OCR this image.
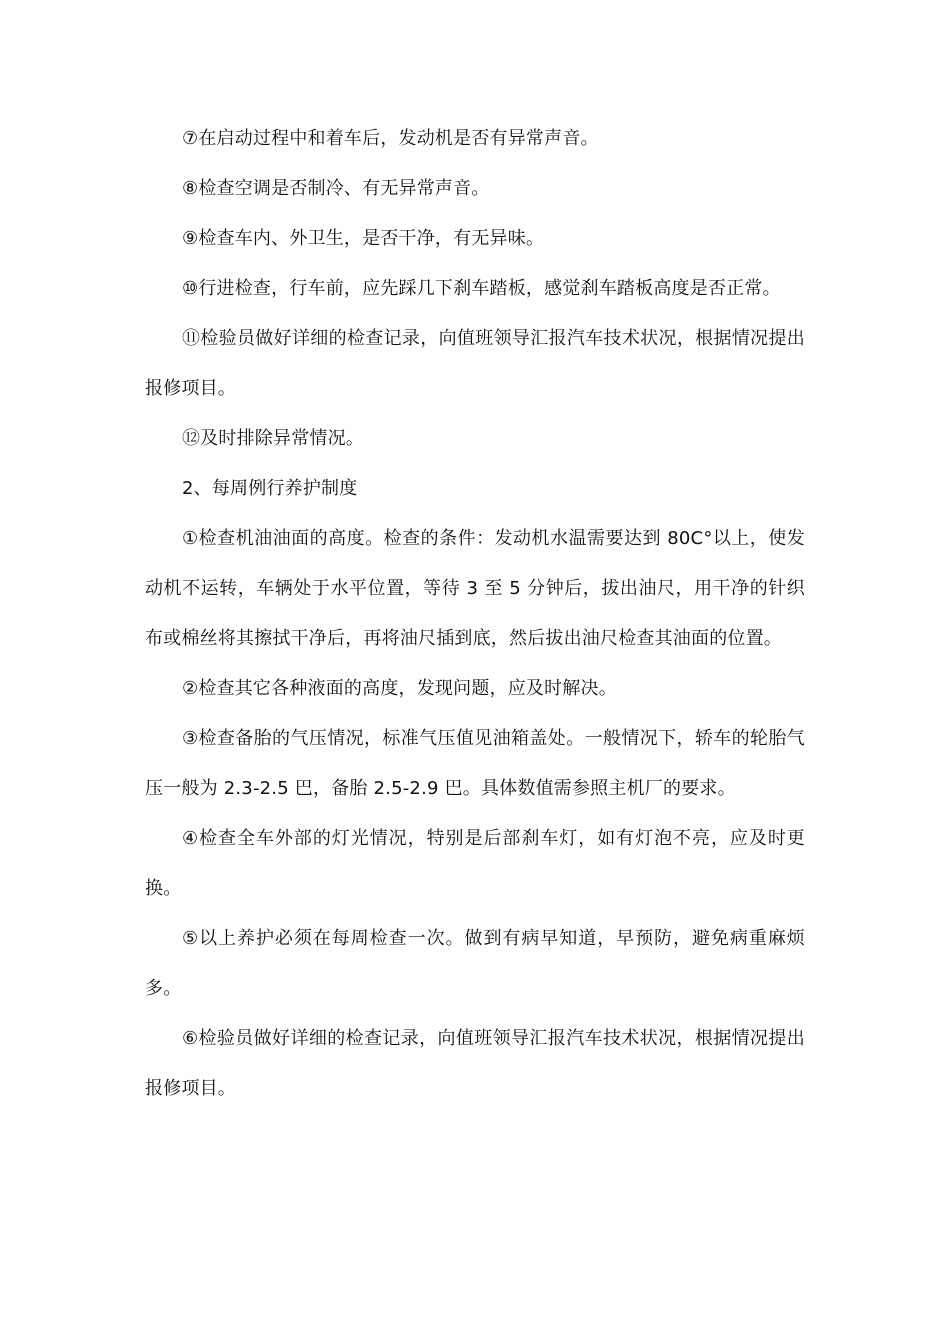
⑦在启动过程中和着车后，发动机是否有异常声音。

⑧检查空调是否制冷、有无异常声音。

⑨检查车内、外卫生，是否干净，有无异味。

⑩行进检查，行车前，应先踩几下刹车踏板，感觉刹车踏板高度是否正常。

⑪检验员做好详细的检查记录，向值班领导汇报汽车技术状况，根据情况提出报修项目。

⑫及时排除异常情况。

2、每周例行养护制度

①检查机油油面的高度。检查的条件：发动机水温需要达到 80C°以上，使发动机不运转，车辆处于水平位置，等待 3 至 5 分钟后，拔出油尺，用干净的针织布或棉丝将其擦拭干净后，再将油尺插到底，然后拔出油尺检查其油面的位置。

②检查其它各种液面的高度，发现问题，应及时解决。

③检查备胎的气压情况，标准气压值见油箱盖处。一般情况下，轿车的轮胎气压一般为 2.3-2.5 巴，备胎 2.5-2.9 巴。具体数值需参照主机厂的要求。

④检查全车外部的灯光情况，特别是后部刹车灯，如有灯泡不亮，应及时更换。

⑤以上养护必须在每周检查一次。做到有病早知道，早预防，避免病重麻烦多。

⑥检验员做好详细的检查记录，向值班领导汇报汽车技术状况，根据情况提出报修项目。
